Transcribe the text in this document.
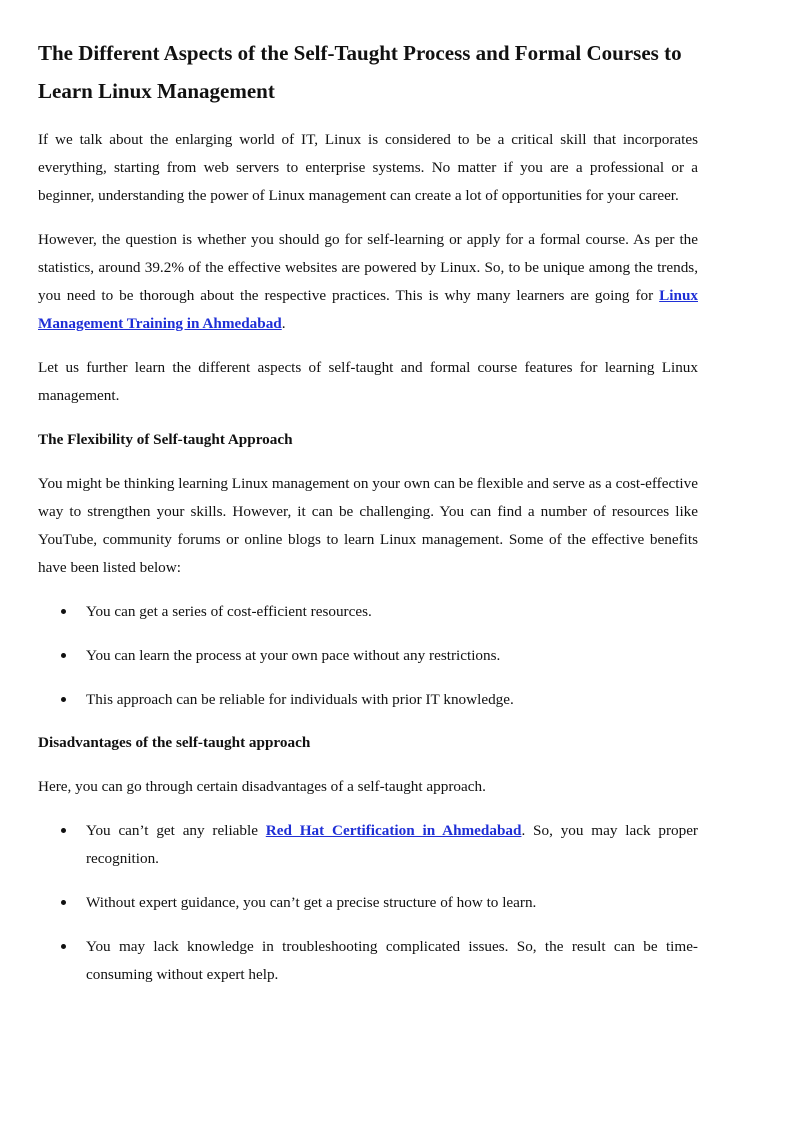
The Different Aspects of the Self-Taught Process and Formal Courses to Learn Linux Management

If we talk about the enlarging world of IT, Linux is considered to be a critical skill that incorporates everything, starting from web servers to enterprise systems. No matter if you are a professional or a beginner, understanding the power of Linux management can create a lot of opportunities for your career.

However, the question is whether you should go for self-learning or apply for a formal course. As per the statistics, around 39.2% of the effective websites are powered by Linux. So, to be unique among the trends, you need to be thorough about the respective practices. This is why many learners are going for Linux Management Training in Ahmedabad.

Let us further learn the different aspects of self-taught and formal course features for learning Linux management.

The Flexibility of Self-taught Approach

You might be thinking learning Linux management on your own can be flexible and serve as a cost-effective way to strengthen your skills. However, it can be challenging. You can find a number of resources like YouTube, community forums or online blogs to learn Linux management. Some of the effective benefits have been listed below:

You can get a series of cost-efficient resources.
You can learn the process at your own pace without any restrictions.
This approach can be reliable for individuals with prior IT knowledge.
Disadvantages of the self-taught approach

Here, you can go through certain disadvantages of a self-taught approach.

You can’t get any reliable Red Hat Certification in Ahmedabad. So, you may lack proper recognition.
Without expert guidance, you can’t get a precise structure of how to learn.
You may lack knowledge in troubleshooting complicated issues. So, the result can be time-consuming without expert help.
